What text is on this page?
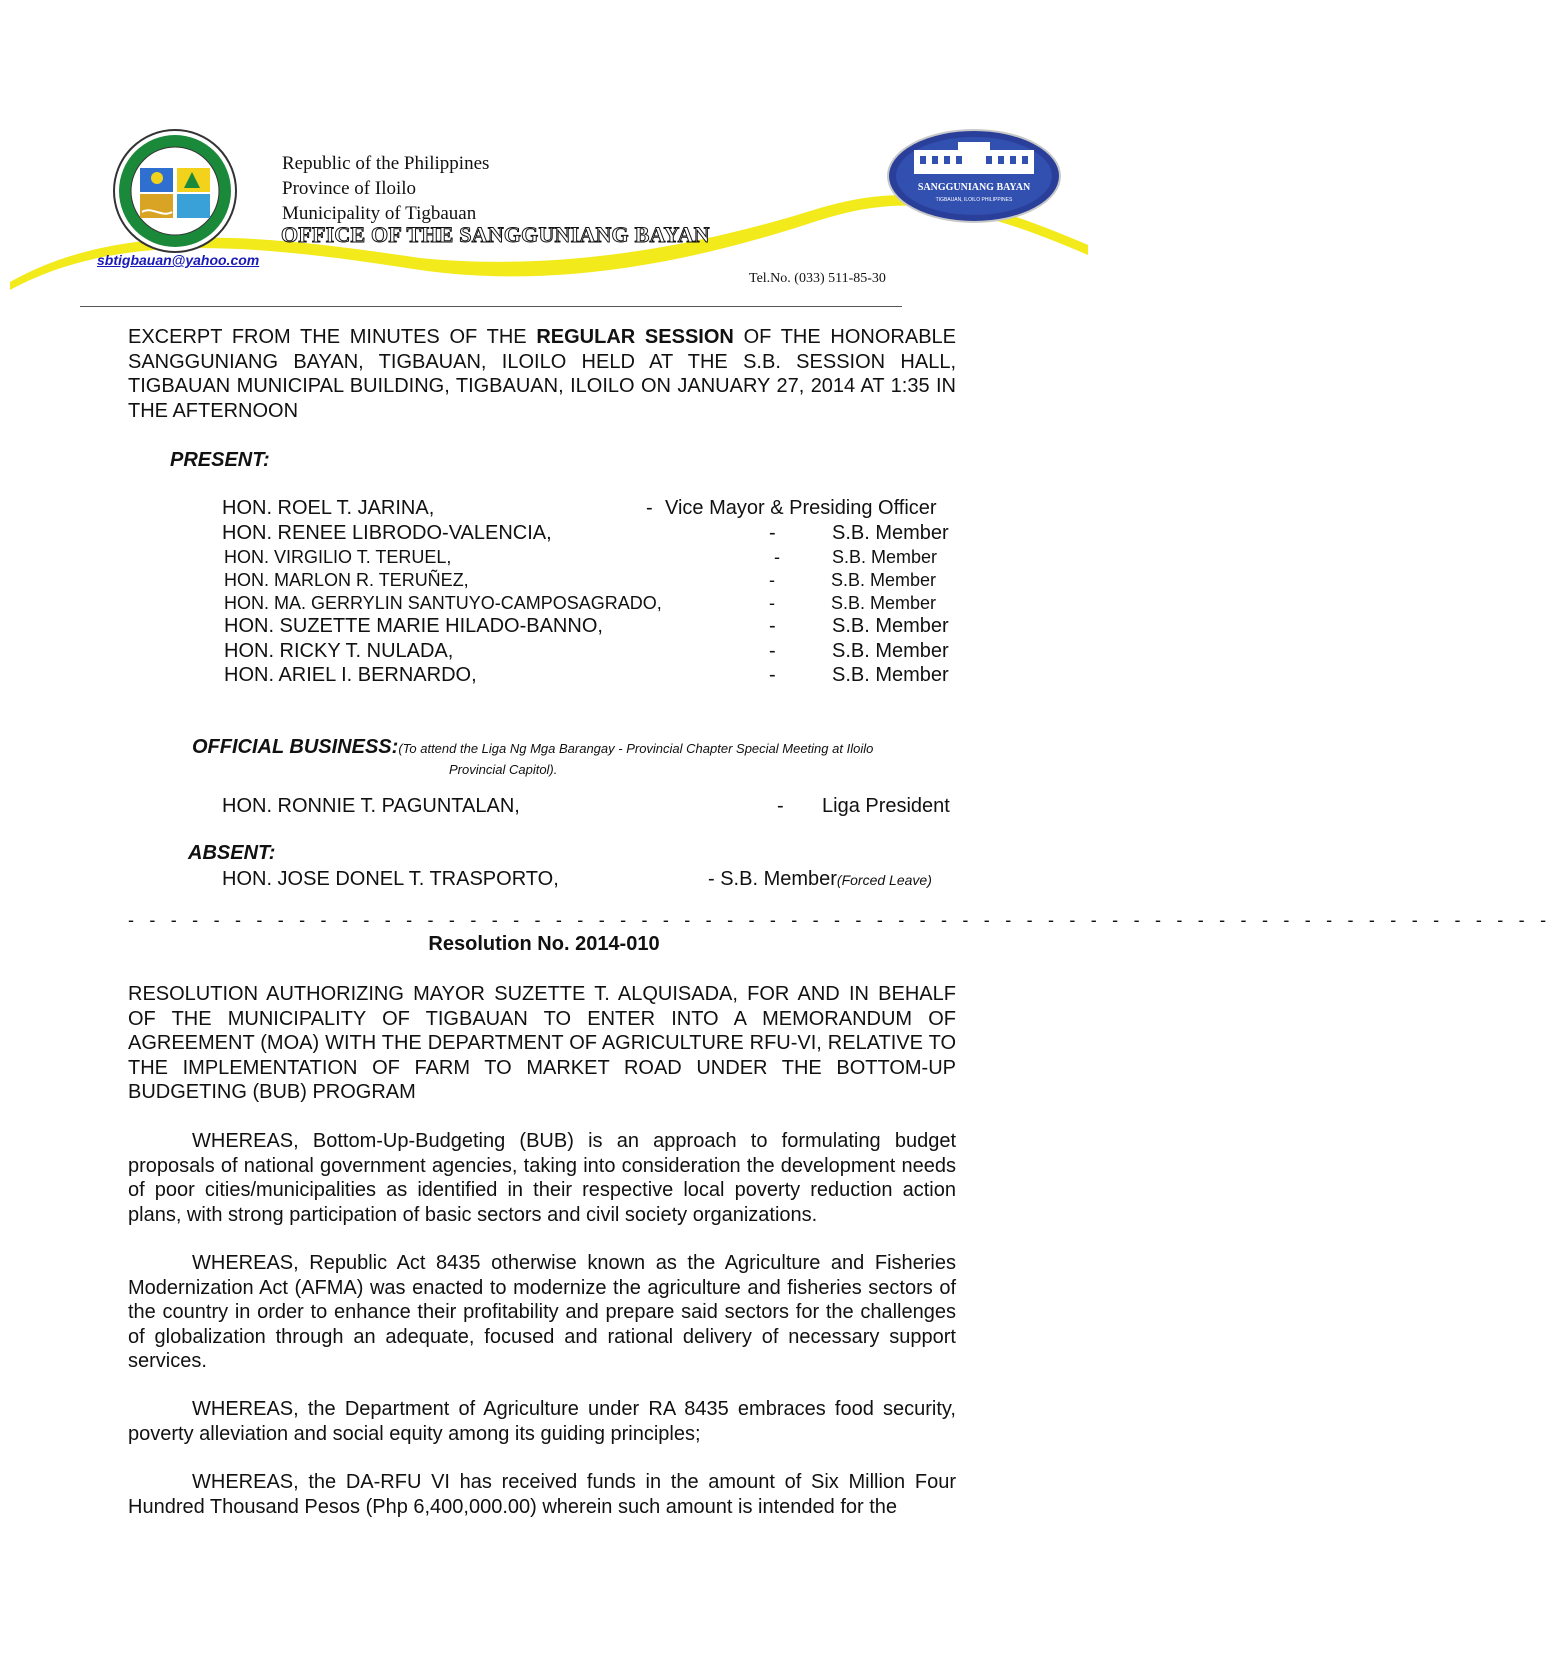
SANGGUNIANG BAYAN
TIGBAUAN, ILOILO PHILIPPINES
Republic of the Philippines
Province of Iloilo
Municipality of Tigbauan
OFFICE OF THE SANGGUNIANG BAYAN
sbtigbauan@yahoo.com
Tel.No. (033) 511-85-30
EXCERPT FROM THE MINUTES OF THE REGULAR SESSION OF THE HONORABLE SANGGUNIANG BAYAN, TIGBAUAN, ILOILO HELD AT THE S.B. SESSION HALL, TIGBAUAN MUNICIPAL BUILDING, TIGBAUAN, ILOILO ON JANUARY 27, 2014 AT 1:35 IN THE AFTERNOON
PRESENT:
HON. ROEL T. JARINA,	- Vice Mayor & Presiding Officer
HON. RENEE LIBRODO-VALENCIA,	-	S.B. Member
HON. VIRGILIO T. TERUEL,	-	S.B. Member
HON. MARLON R. TERUÑEZ,	-	S.B. Member
HON. MA. GERRYLIN SANTUYO-CAMPOSAGRADO,	-	S.B. Member
HON. SUZETTE MARIE HILADO-BANNO,	-	S.B. Member
HON. RICKY T. NULADA,	-	S.B. Member
HON. ARIEL I. BERNARDO,	-	S.B. Member
OFFICIAL BUSINESS:(To attend the Liga Ng Mga Barangay - Provincial Chapter Special Meeting at Iloilo
Provincial Capitol).
HON. RONNIE T. PAGUNTALAN,	- Liga President
ABSENT:
HON. JOSE DONEL T. TRASPORTO,	- S.B. Member(Forced Leave)
- - - - - - - - - - - - - - - - - - - - - - - - - - - - - - - - - - - - - - - - - - - - - - - - - - - - - - - - - - - - - - - - - - -
Resolution No. 2014-010
RESOLUTION AUTHORIZING MAYOR SUZETTE T. ALQUISADA, FOR AND IN BEHALF OF THE MUNICIPALITY OF TIGBAUAN TO ENTER INTO A MEMORANDUM OF AGREEMENT (MOA) WITH THE DEPARTMENT OF AGRICULTURE RFU-VI, RELATIVE TO THE IMPLEMENTATION OF FARM TO MARKET ROAD UNDER THE BOTTOM-UP BUDGETING (BUB) PROGRAM
WHEREAS, Bottom-Up-Budgeting (BUB) is an approach to formulating budget proposals of national government agencies, taking into consideration the development needs of poor cities/municipalities as identified in their respective local poverty reduction action plans, with strong participation of basic sectors and civil society organizations.
WHEREAS, Republic Act 8435 otherwise known as the Agriculture and Fisheries Modernization Act (AFMA) was enacted to modernize the agriculture and fisheries sectors of the country in order to enhance their profitability and prepare said sectors for the challenges of globalization through an adequate, focused and rational delivery of necessary support services.
WHEREAS, the Department of Agriculture under RA 8435 embraces food security, poverty alleviation and social equity among its guiding principles;
WHEREAS, the DA-RFU VI has received funds in the amount of Six Million Four Hundred Thousand Pesos (Php 6,400,000.00) wherein such amount is intended for the
